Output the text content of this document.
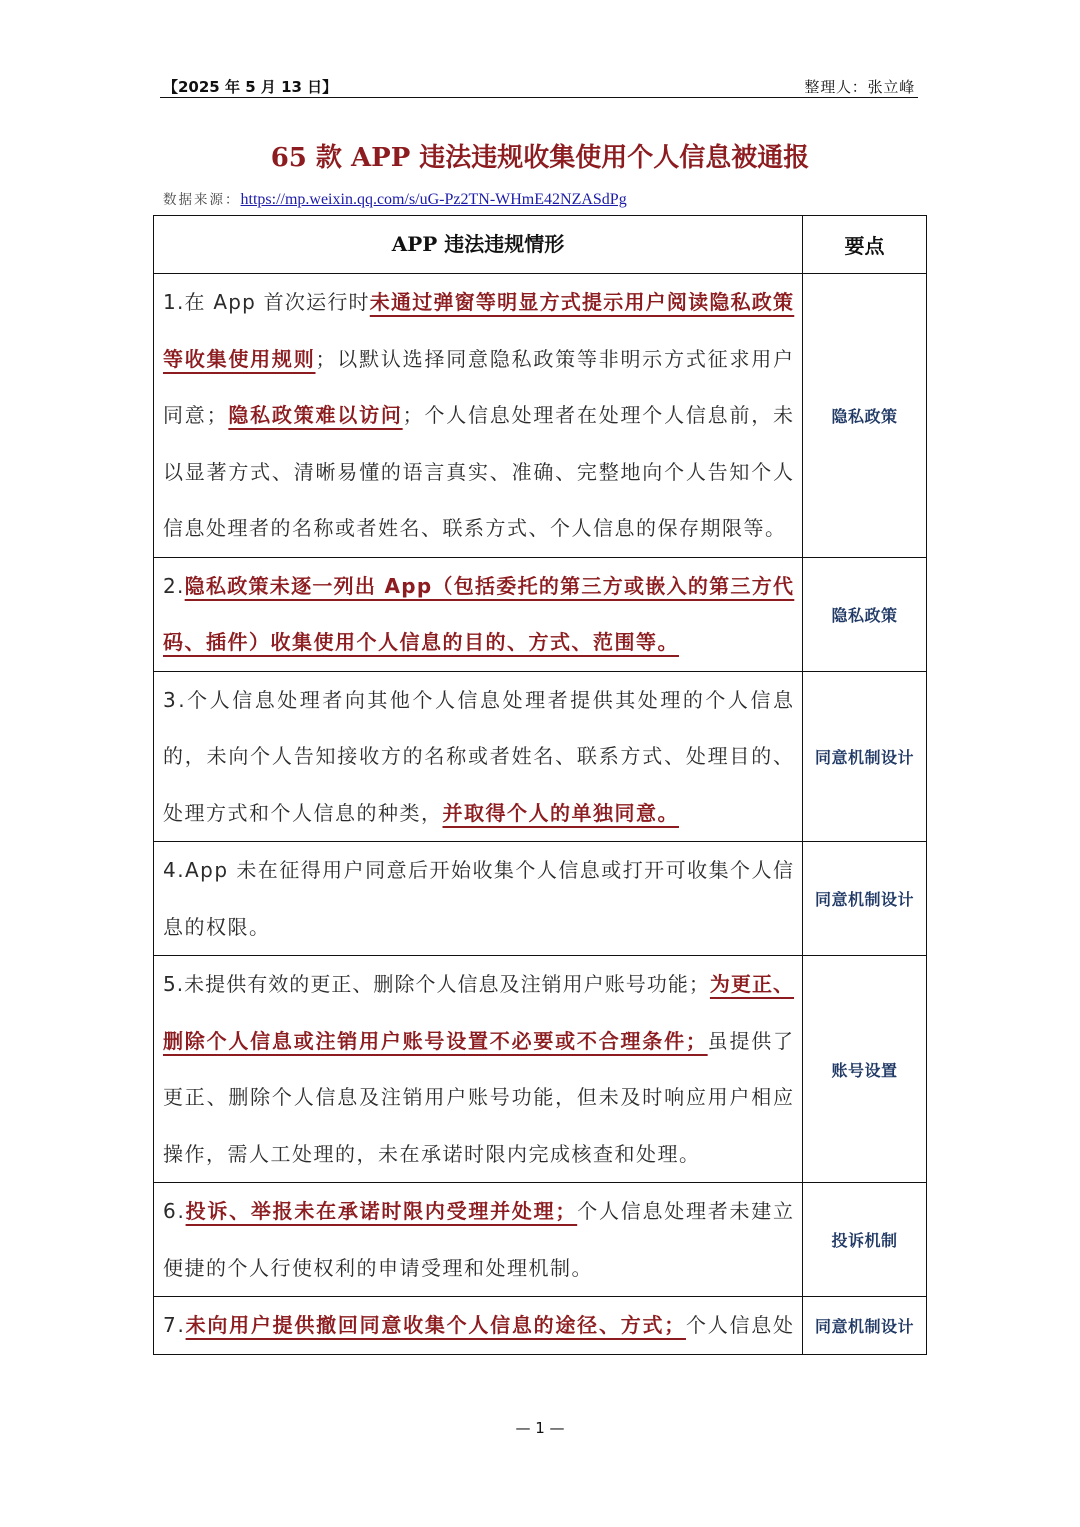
【2025 年 5 月 13 日】	整理人：张立峰
65 款 APP 违法违规收集使用个人信息被通报
数据来源：https://mp.weixin.qq.com/s/uG-Pz2TN-WHmE42NZASdPg
APP 违法违规情形	要点
1.在 App 首次运行时未通过弹窗等明显方式提示用户阅读隐私政策
等收集使用规则；以默认选择同意隐私政策等非明示方式征求用户
同意；隐私政策难以访问；个人信息处理者在处理个人信息前，未
以显著方式、清晰易懂的语言真实、准确、完整地向个人告知个人
信息处理者的名称或者姓名、联系方式、个人信息的保存期限等。
隐私政策
2.隐私政策未逐一列出 App（包括委托的第三方或嵌入的第三方代
码、插件）收集使用个人信息的目的、方式、范围等。
隐私政策
3.个人信息处理者向其他个人信息处理者提供其处理的个人信息
的，未向个人告知接收方的名称或者姓名、联系方式、处理目的、
处理方式和个人信息的种类，并取得个人的单独同意。
同意机制设计
4.App 未在征得用户同意后开始收集个人信息或打开可收集个人信
息的权限。
同意机制设计
5.未提供有效的更正、删除个人信息及注销用户账号功能；为更正、
删除个人信息或注销用户账号设置不必要或不合理条件；虽提供了
更正、删除个人信息及注销用户账号功能，但未及时响应用户相应
操作，需人工处理的，未在承诺时限内完成核查和处理。
账号设置
6.投诉、举报未在承诺时限内受理并处理；个人信息处理者未建立
便捷的个人行使权利的申请受理和处理机制。
投诉机制
7.未向用户提供撤回同意收集个人信息的途径、方式；个人信息处 同意机制设计
— 1 —
